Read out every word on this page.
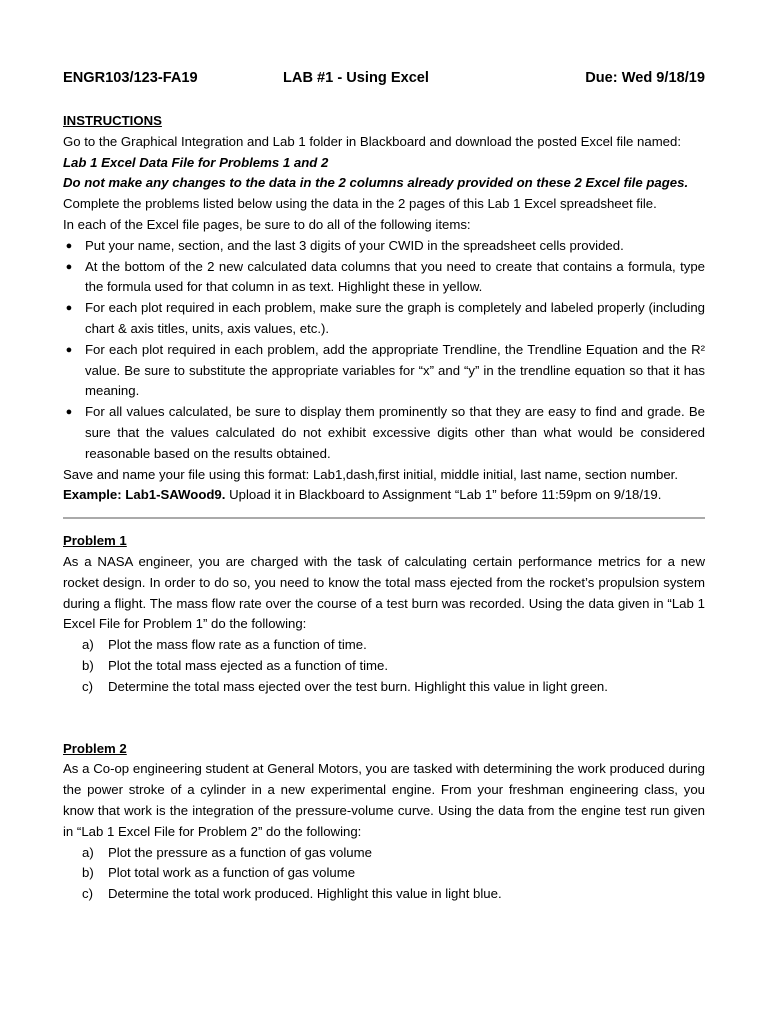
ENGR103/123-FA19	LAB #1 - Using Excel	Due: Wed 9/18/19
INSTRUCTIONS

Go to the Graphical Integration and Lab 1 folder in Blackboard and download the posted Excel file named:

Lab 1 Excel Data File for Problems 1 and 2

Do not make any changes to the data in the 2 columns already provided on these 2 Excel file pages.

Complete the problems listed below using the data in the 2 pages of this Lab 1 Excel spreadsheet file.

In each of the Excel file pages, be sure to do all of the following items:

● Put your name, section, and the last 3 digits of your CWID in the spreadsheet cells provided.
● At the bottom of the 2 new calculated data columns that you need to create that contains a formula, type the formula used for that column in as text. Highlight these in yellow.
● For each plot required in each problem, make sure the graph is completely and labeled properly (including chart & axis titles, units, axis values, etc.).
● For each plot required in each problem, add the appropriate Trendline, the Trendline Equation and the R² value. Be sure to substitute the appropriate variables for “x” and “y” in the trendline equation so that it has meaning.
● For all values calculated, be sure to display them prominently so that they are easy to find and grade. Be sure that the values calculated do not exhibit excessive digits other than what would be considered reasonable based on the results obtained.

Save and name your file using this format: Lab1,dash,first initial, middle initial, last name, section number.

Example: Lab1-SAWood9. Upload it in Blackboard to Assignment “Lab 1” before 11:59pm on 9/18/19.

Problem 1

As a NASA engineer, you are charged with the task of calculating certain performance metrics for a new rocket design. In order to do so, you need to know the total mass ejected from the rocket’s propulsion system during a flight. The mass flow rate over the course of a test burn was recorded. Using the data given in “Lab 1 Excel File for Problem 1” do the following:

a) Plot the mass flow rate as a function of time.
b) Plot the total mass ejected as a function of time.
c) Determine the total mass ejected over the test burn. Highlight this value in light green.
Problem 2

As a Co-op engineering student at General Motors, you are tasked with determining the work produced during the power stroke of a cylinder in a new experimental engine. From your freshman engineering class, you know that work is the integration of the pressure-volume curve. Using the data from the engine test run given in “Lab 1 Excel File for Problem 2” do the following:

a) Plot the pressure as a function of gas volume
b) Plot total work as a function of gas volume
c) Determine the total work produced. Highlight this value in light blue.
